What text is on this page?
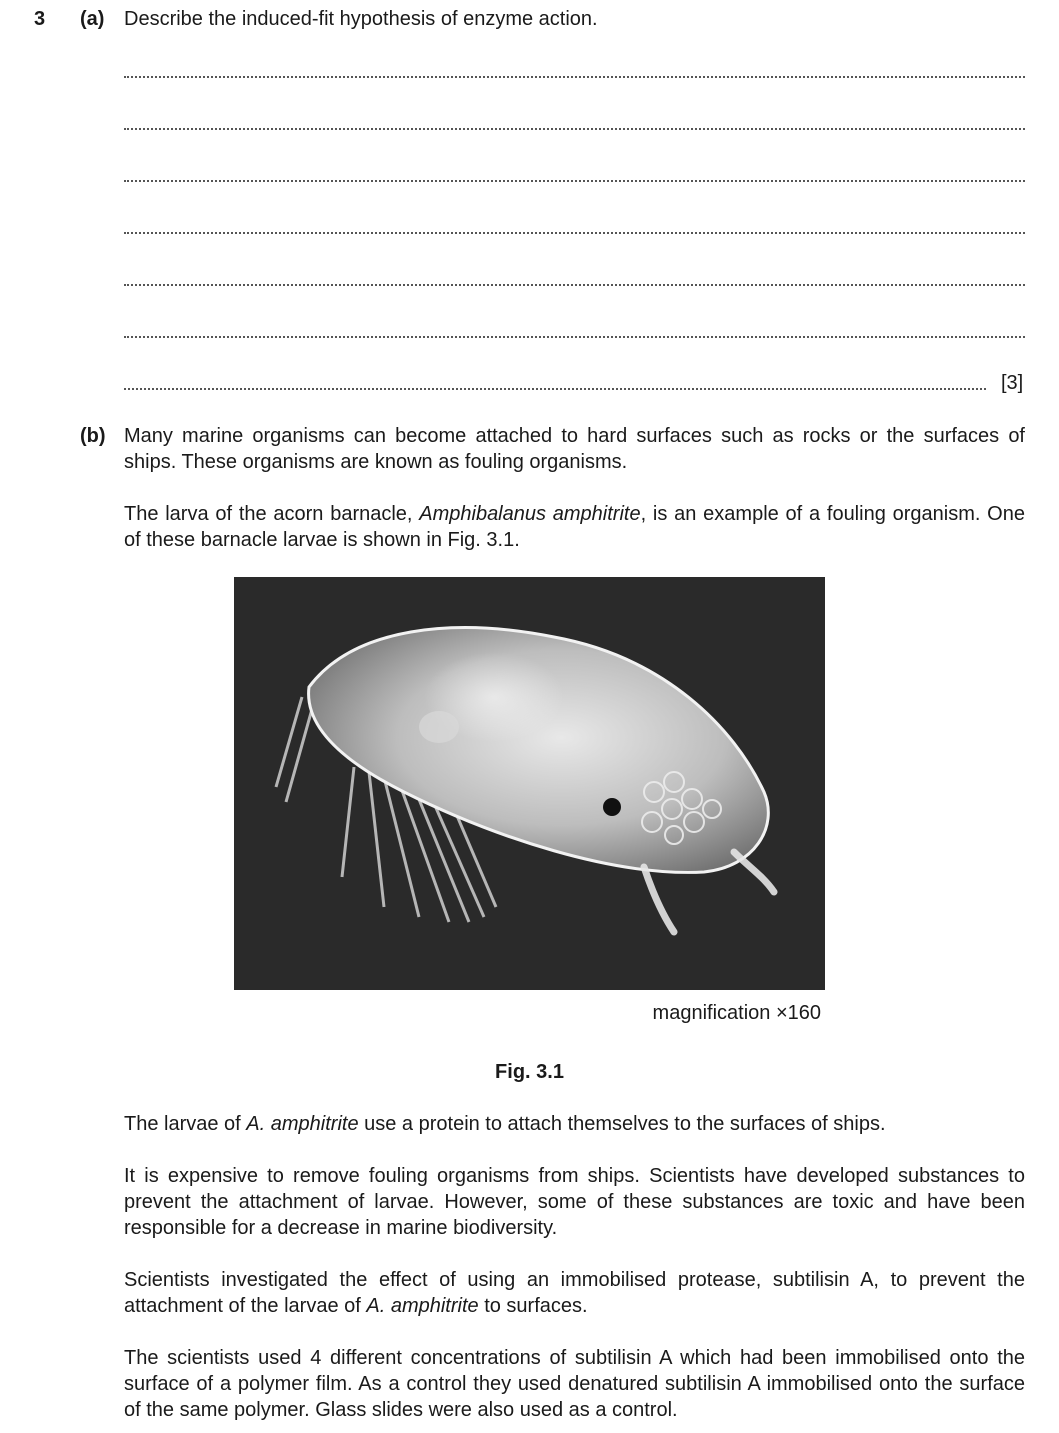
3 (a) Describe the induced-fit hypothesis of enzyme action.
[3]
(b) Many marine organisms can become attached to hard surfaces such as rocks or the surfaces of ships. These organisms are known as fouling organisms.
The larva of the acorn barnacle, Amphibalanus amphitrite, is an example of a fouling organism. One of these barnacle larvae is shown in Fig. 3.1.
magnification ×160
Fig. 3.1
The larvae of A. amphitrite use a protein to attach themselves to the surfaces of ships.
It is expensive to remove fouling organisms from ships. Scientists have developed substances to prevent the attachment of larvae. However, some of these substances are toxic and have been responsible for a decrease in marine biodiversity.
Scientists investigated the effect of using an immobilised protease, subtilisin A, to prevent the attachment of the larvae of A. amphitrite to surfaces.
The scientists used 4 different concentrations of subtilisin A which had been immobilised onto the surface of a polymer film. As a control they used denatured subtilisin A immobilised onto the surface of the same polymer. Glass slides were also used as a control.
